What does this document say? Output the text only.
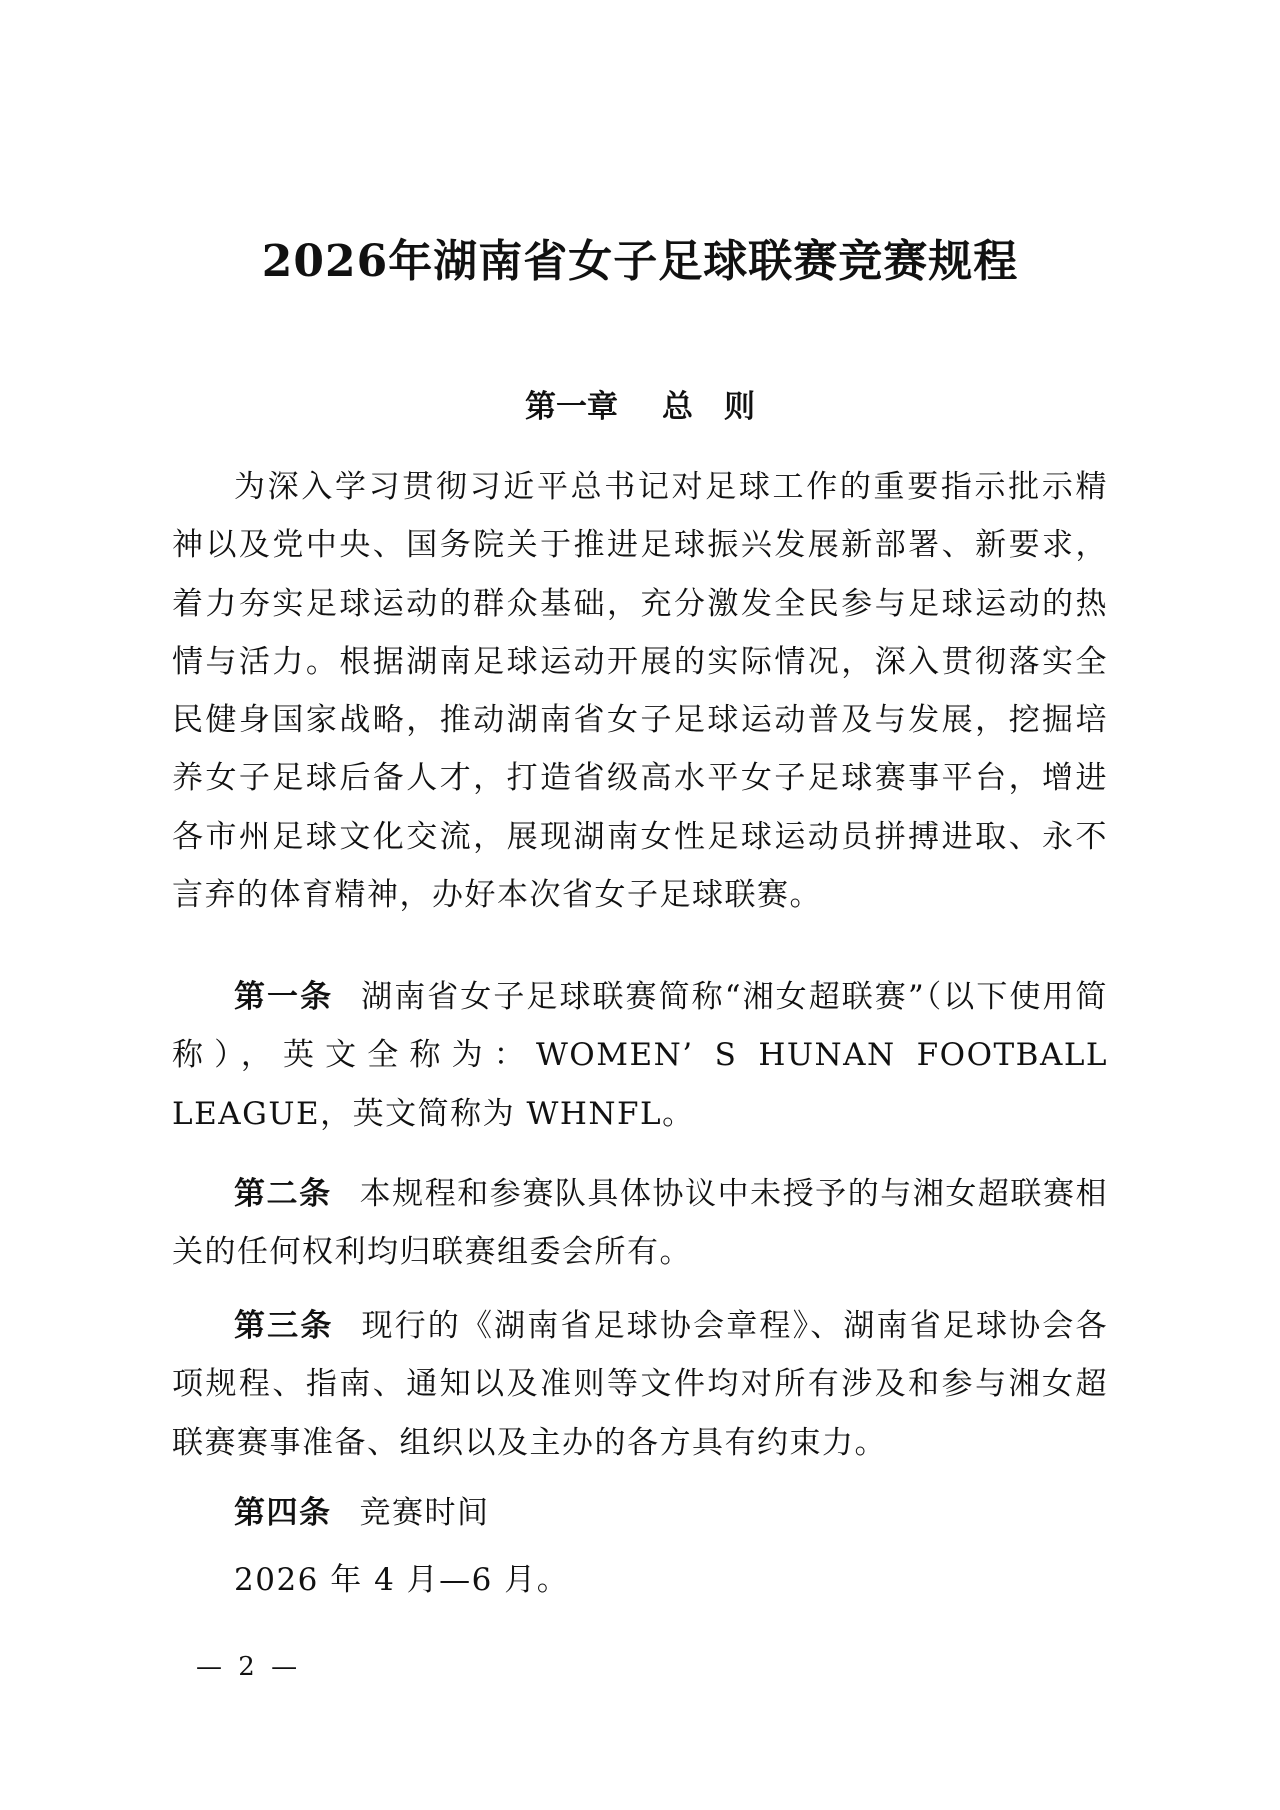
2026年湖南省女子足球联赛竞赛规程
第一章 总　则

为深入学习贯彻习近平总书记对足球工作的重要指示批示精神以及党中央、国务院关于推进足球振兴发展新部署、新要求，着力夯实足球运动的群众基础，充分激发全民参与足球运动的热情与活力。根据湖南足球运动开展的实际情况，深入贯彻落实全民健身国家战略，推动湖南省女子足球运动普及与发展，挖掘培养女子足球后备人才，打造省级高水平女子足球赛事平台，增进各市州足球文化交流，展现湖南女性足球运动员拼搏进取、永不言弃的体育精神，办好本次省女子足球联赛。

第一条 湖南省女子足球联赛简称“湘女超联赛”（以下使用简称），英文全称为：WOMEN’ S HUNAN FOOTBALL LEAGUE，英文简称为 WHNFL。

第二条 本规程和参赛队具体协议中未授予的与湘女超联赛相关的任何权利均归联赛组委会所有。

第三条 现行的《湖南省足球协会章程》、湖南省足球协会各项规程、指南、通知以及准则等文件均对所有涉及和参与湘女超联赛赛事准备、组织以及主办的各方具有约束力。

第四条 竞赛时间

2026 年 4 月—6 月。

— 2 —
